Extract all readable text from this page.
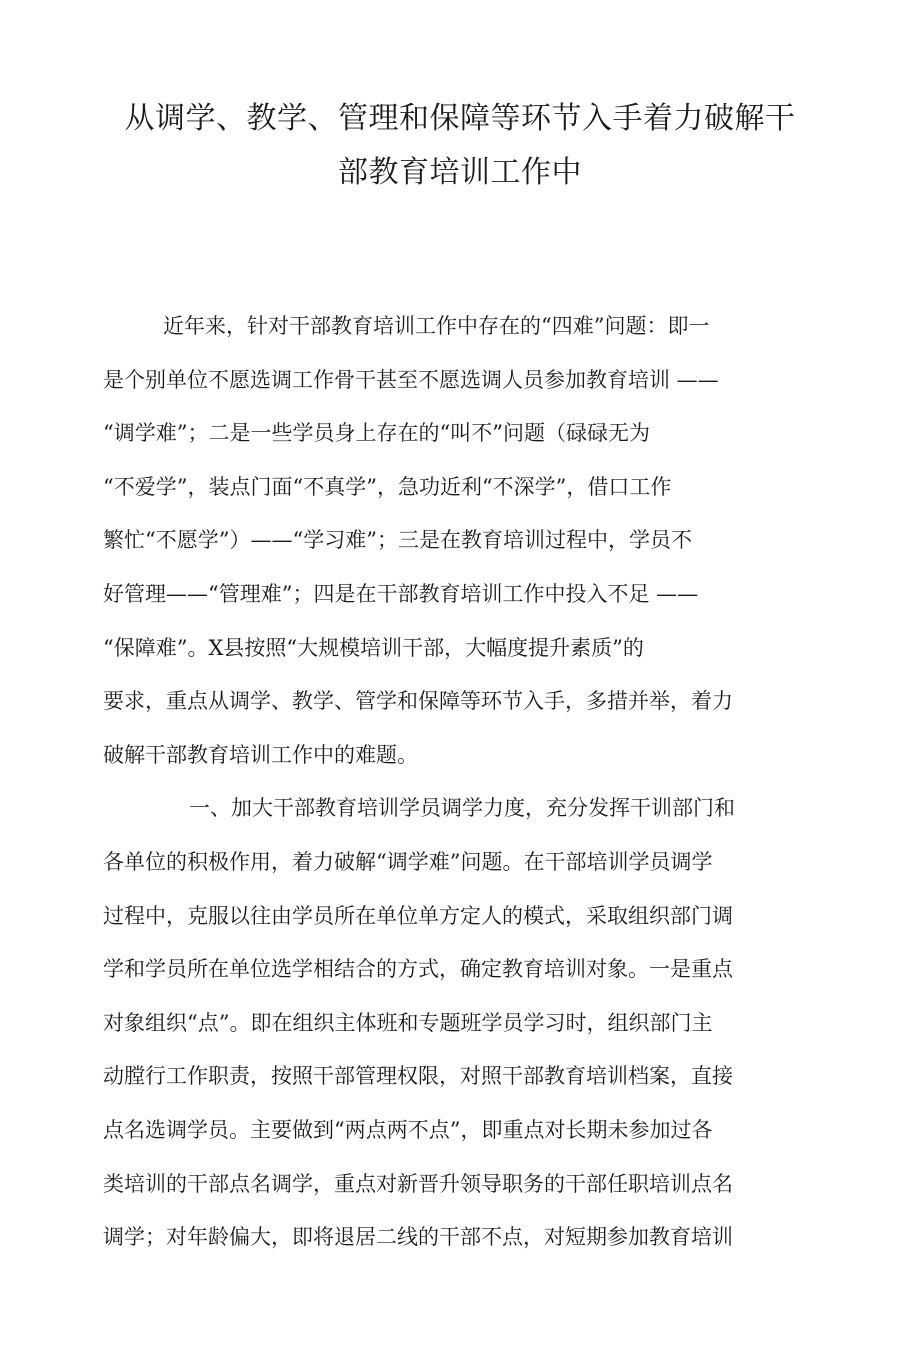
从调学、教学、管理和保障等环节入手着力破解干
部教育培训工作中
近年来，针对干部教育培训工作中存在的“四难”问题：即一
是个别单位不愿选调工作骨干甚至不愿选调人员参加教育培训 ——
“调学难”；二是一些学员身上存在的“叫不”问题（碌碌无为
“不爱学”，装点门面“不真学”，急功近利“不深学”，借口工作
繁忙“不愿学”）——“学习难”；三是在教育培训过程中，学员不
好管理——“管理难”；四是在干部教育培训工作中投入不足 ——
“保障难”。X县按照“大规模培训干部，大幅度提升素质”的
要求，重点从调学、教学、管学和保障等环节入手，多措并举，着力
破解干部教育培训工作中的难题。
一、加大干部教育培训学员调学力度，充分发挥干训部门和
各单位的积极作用，着力破解“调学难”问题。在干部培训学员调学
过程中，克服以往由学员所在单位单方定人的模式，采取组织部门调
学和学员所在单位选学相结合的方式，确定教育培训对象。一是重点
对象组织“点”。即在组织主体班和专题班学员学习时，组织部门主
动膛行工作职责，按照干部管理权限，对照干部教育培训档案，直接
点名选调学员。主要做到“两点两不点”，即重点对长期未参加过各
类培训的干部点名调学，重点对新晋升领导职务的干部任职培训点名
调学；对年龄偏大，即将退居二线的干部不点，对短期参加教育培训
